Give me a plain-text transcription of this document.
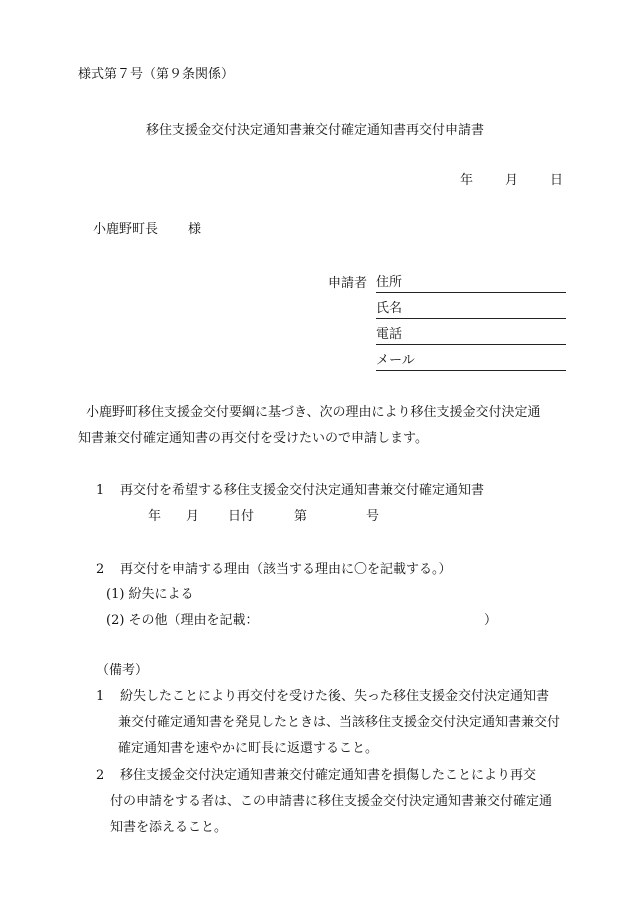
様式第７号（第９条関係）
移住支援金交付決定通知書兼交付確定通知書再交付申請書
年 月 日
小鹿野町長 様
申請者 住所
氏名
電話
メール
小鹿野町移住支援金交付要綱に基づき、次の理由により移住支援金交付決定通
知書兼交付確定通知書の再交付を受けたいので申請します。
1 再交付を希望する移住支援金交付決定通知書兼交付確定通知書
年 月 日付	第	号
2 再交付を申請する理由（該当する理由に〇を記載する。）
(1) 紛失による
(2) その他（理由を記載：	）
（備考）
1 紛失したことにより再交付を受けた後、失った移住支援金交付決定通知書
兼交付確定通知書を発見したときは、当該移住支援金交付決定通知書兼交付
確定通知書を速やかに町長に返還すること。
2 移住支援金交付決定通知書兼交付確定通知書を損傷したことにより再交
付の申請をする者は、この申請書に移住支援金交付決定通知書兼交付確定通
知書を添えること。
